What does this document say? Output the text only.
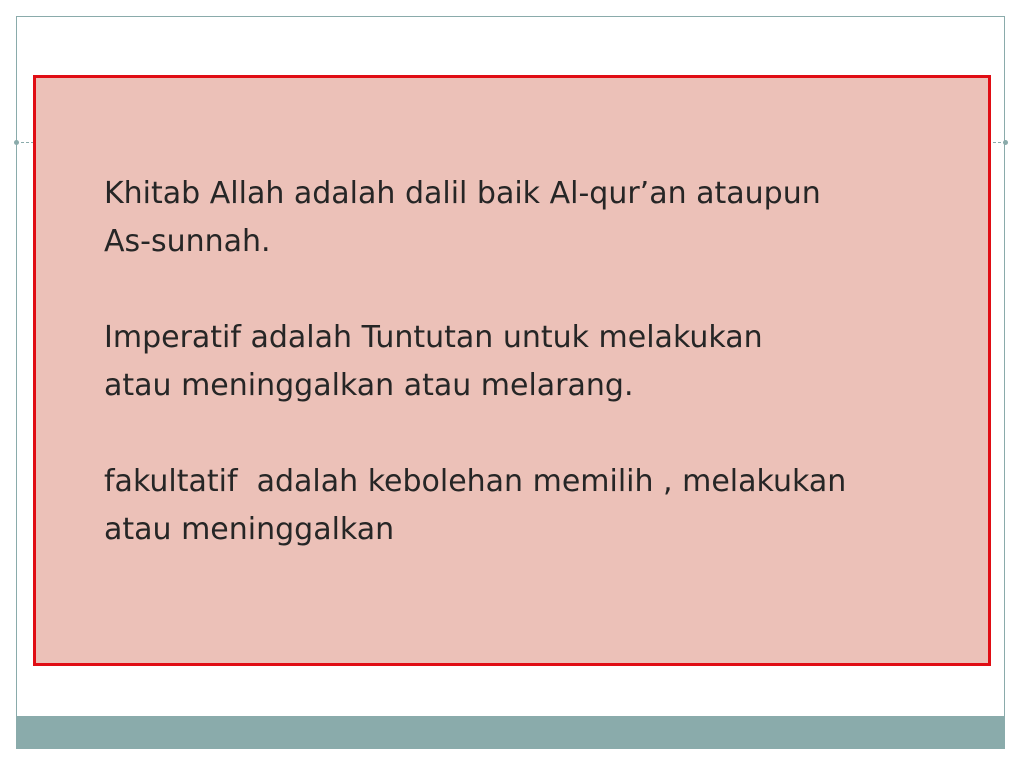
Khitab Allah adalah dalil baik Al-qur’an ataupun
As-sunnah.

Imperatif adalah Tuntutan untuk melakukan
atau meninggalkan atau melarang.

fakultatif  adalah kebolehan memilih , melakukan
atau meninggalkan
